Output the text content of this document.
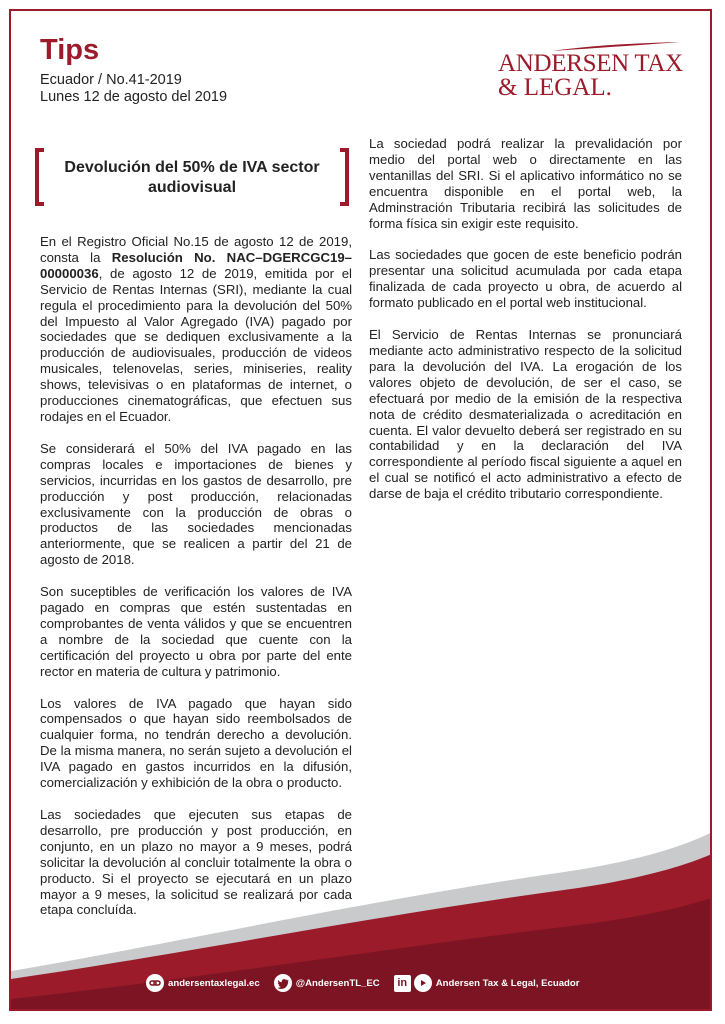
Tips
Ecuador / No.41-2019
Lunes 12 de agosto del 2019
ANDERSEN TAX
& LEGAL.
Devolución del 50% de IVA sector audiovisual

En el Registro Oficial No.15 de agosto 12 de 2019, consta la Resolución No. NAC–DGERCGC19–00000036, de agosto 12 de 2019, emitida por el Servicio de Rentas Internas (SRI), mediante la cual regula el procedimiento para la devolución del 50% del Impuesto al Valor Agregado (IVA) pagado por sociedades que se dediquen exclusivamente a la producción de audiovisuales, producción de videos musicales, telenovelas, series, miniseries, reality shows, televisivas o en plataformas de internet, o producciones cinematográficas, que efectuen sus rodajes en el Ecuador.

Se considerará el 50% del IVA pagado en las compras locales e importaciones de bienes y servicios, incurridas en los gastos de desarrollo, pre producción y post producción, relacionadas exclusivamente con la producción de obras o productos de las sociedades mencionadas anteriormente, que se realicen a partir del 21 de agosto de 2018.

Son suceptibles de verificación los valores de IVA pagado en compras que estén sustentadas en comprobantes de venta válidos y que se encuentren a nombre de la sociedad que cuente con la certificación del proyecto u obra por parte del ente rector en materia de cultura y patrimonio.

Los valores de IVA pagado que hayan sido compensados o que hayan sido reembolsados de cualquier forma, no tendrán derecho a devolución. De la misma manera, no serán sujeto a devolución el IVA pagado en gastos incurridos en la difusión, comercialización y exhibición de la obra o producto.

Las sociedades que ejecuten sus etapas de desarrollo, pre producción y post producción, en conjunto, en un plazo no mayor a 9 meses, podrá solicitar la devolución al concluir totalmente la obra o producto. Si el proyecto se ejecutará en un plazo mayor a 9 meses, la solicitud se realizará por cada etapa concluída.

La sociedad podrá realizar la prevalidación por medio del portal web o directamente en las ventanillas del SRI. Si el aplicativo informático no se encuentra disponible en el portal web, la Adminstración Tributaria recibirá las solicitudes de forma física sin exigir este requisito.

Las sociedades que gocen de este beneficio podrán presentar una solicitud acumulada por cada etapa finalizada de cada proyecto u obra, de acuerdo al formato publicado en el portal web institucional.

El Servicio de Rentas Internas se pronunciará mediante acto administrativo respecto de la solicitud para la devolución del IVA. La erogación de los valores objeto de devolución, de ser el caso, se efectuará por medio de la emisión de la respectiva nota de crédito desmaterializada o acreditación en cuenta. El valor devuelto deberá ser registrado en su contabilidad y en la declaración del IVA correspondiente al período fiscal siguiente a aquel en el cual se notificó el acto administrativo a efecto de darse de baja el crédito tributario correspondiente.

andersentaxlegal.ec	@AndersenTL_EC	in	Andersen Tax & Legal, Ecuador
